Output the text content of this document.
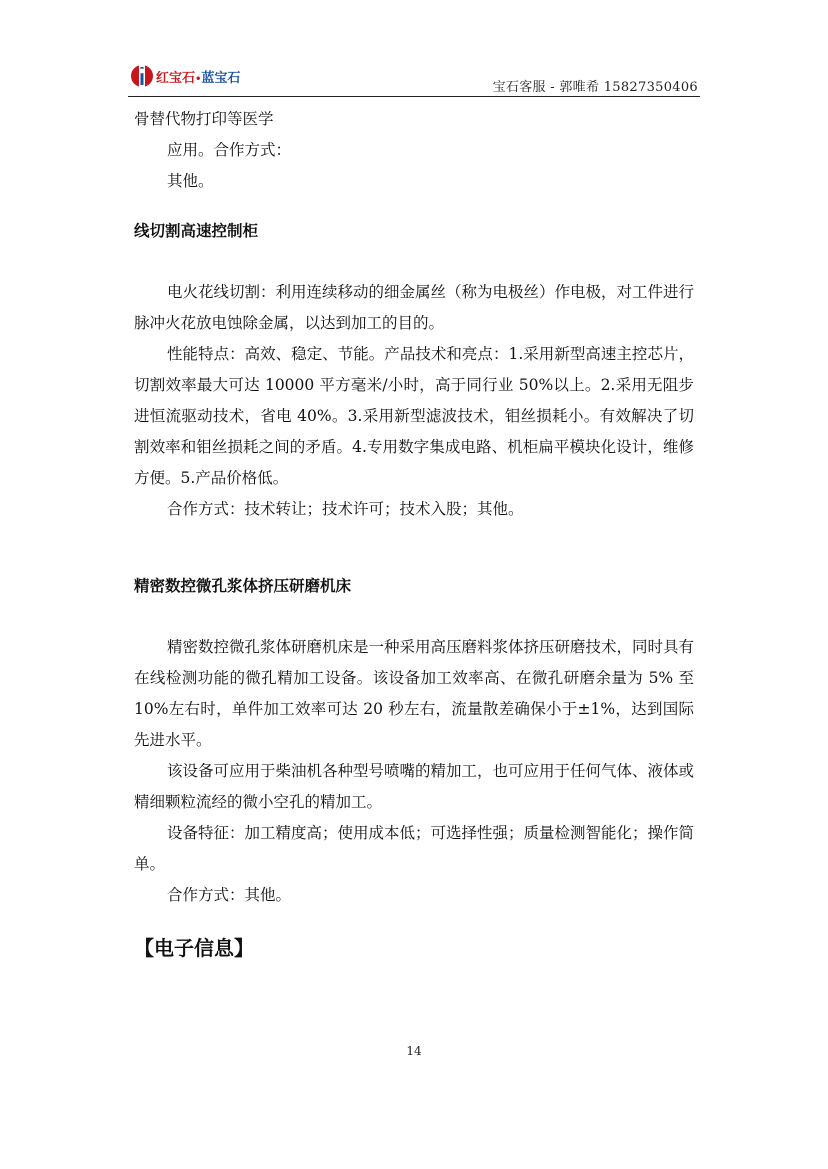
红宝石•蓝宝石
宝石客服 - 郭唯希 15827350406

骨替代物打印等医学

应用。合作方式：

其他。

线切割高速控制柜

电火花线切割：利用连续移动的细金属丝（称为电极丝）作电极，对工件进行脉冲火花放电蚀除金属，以达到加工的目的。

性能特点：高效、稳定、节能。产品技术和亮点：1.采用新型高速主控芯片，切割效率最大可达 10000 平方毫米/小时，高于同行业 50%以上。2.采用无阻步进恒流驱动技术，省电 40%。3.采用新型滤波技术，钼丝损耗小。有效解决了切割效率和钼丝损耗之间的矛盾。4.专用数字集成电路、机柜扁平模块化设计，维修方便。5.产品价格低。

合作方式：技术转让；技术许可；技术入股；其他。

精密数控微孔浆体挤压研磨机床

精密数控微孔浆体研磨机床是一种采用高压磨料浆体挤压研磨技术，同时具有在线检测功能的微孔精加工设备。该设备加工效率高、在微孔研磨余量为 5% 至 10%左右时，单件加工效率可达 20 秒左右，流量散差确保小于±1%，达到国际先进水平。

该设备可应用于柴油机各种型号喷嘴的精加工，也可应用于任何气体、液体或精细颗粒流经的微小空孔的精加工。

设备特征：加工精度高；使用成本低；可选择性强；质量检测智能化；操作简单。

合作方式：其他。

【电子信息】
14
